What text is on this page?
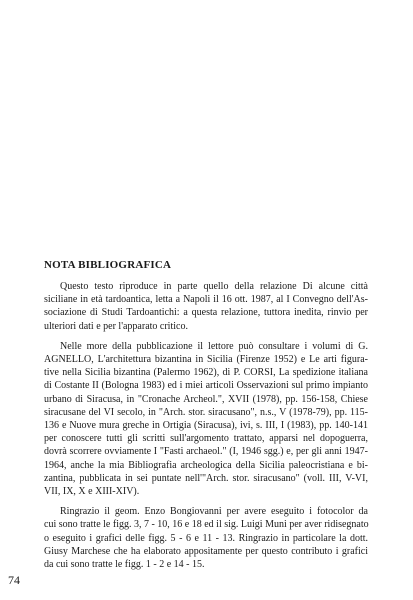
NOTA BIBLIOGRAFICA
Questo testo riproduce in parte quello della relazione Di alcune città
siciliane in età tardoantica, letta a Napoli il 16 ott. 1987, al I Convegno dell'As-
sociazione di Studi Tardoantichi: a questa relazione, tuttora inedita, rinvio per
ulteriori dati e per l'apparato critico.
Nelle more della pubblicazione il lettore può consultare i volumi di G.
AGNELLO, L'architettura bizantina in Sicilia (Firenze 1952) e Le arti figura-
tive nella Sicilia bizantina (Palermo 1962), di P. CORSI, La spedizione italiana
di Costante II (Bologna 1983) ed i miei articoli Osservazioni sul primo impianto
urbano di Siracusa, in "Cronache Archeol.", XVII (1978), pp. 156-158, Chiese
siracusane del VI secolo, in "Arch. stor. siracusano", n.s., V (1978-79), pp. 115-
136 e Nuove mura greche in Ortigia (Siracusa), ivi, s. III, I (1983), pp. 140-141
per conoscere tutti gli scritti sull'argomento trattato, apparsi nel dopoguerra,
dovrà scorrere ovviamente I "Fasti archaeol." (I, 1946 sgg.) e, per gli anni 1947-
1964, anche la mia Bibliografia archeologica della Sicilia paleocristiana e bi-
zantina, pubblicata in sei puntate nell'"Arch. stor. siracusano" (voll. III, V-VI,
VII, IX, X e XIII-XIV).
Ringrazio il geom. Enzo Bongiovanni per avere eseguito i fotocolor da
cui sono tratte le figg. 3, 7 - 10, 16 e 18 ed il sig. Luigi Muni per aver ridisegnato
o eseguito i grafici delle figg. 5 - 6 e 11 - 13. Ringrazio in particolare la dott.
Giusy Marchese che ha elaborato appositamente per questo contributo i grafici
da cui sono tratte le figg. 1 - 2 e 14 - 15.
74
